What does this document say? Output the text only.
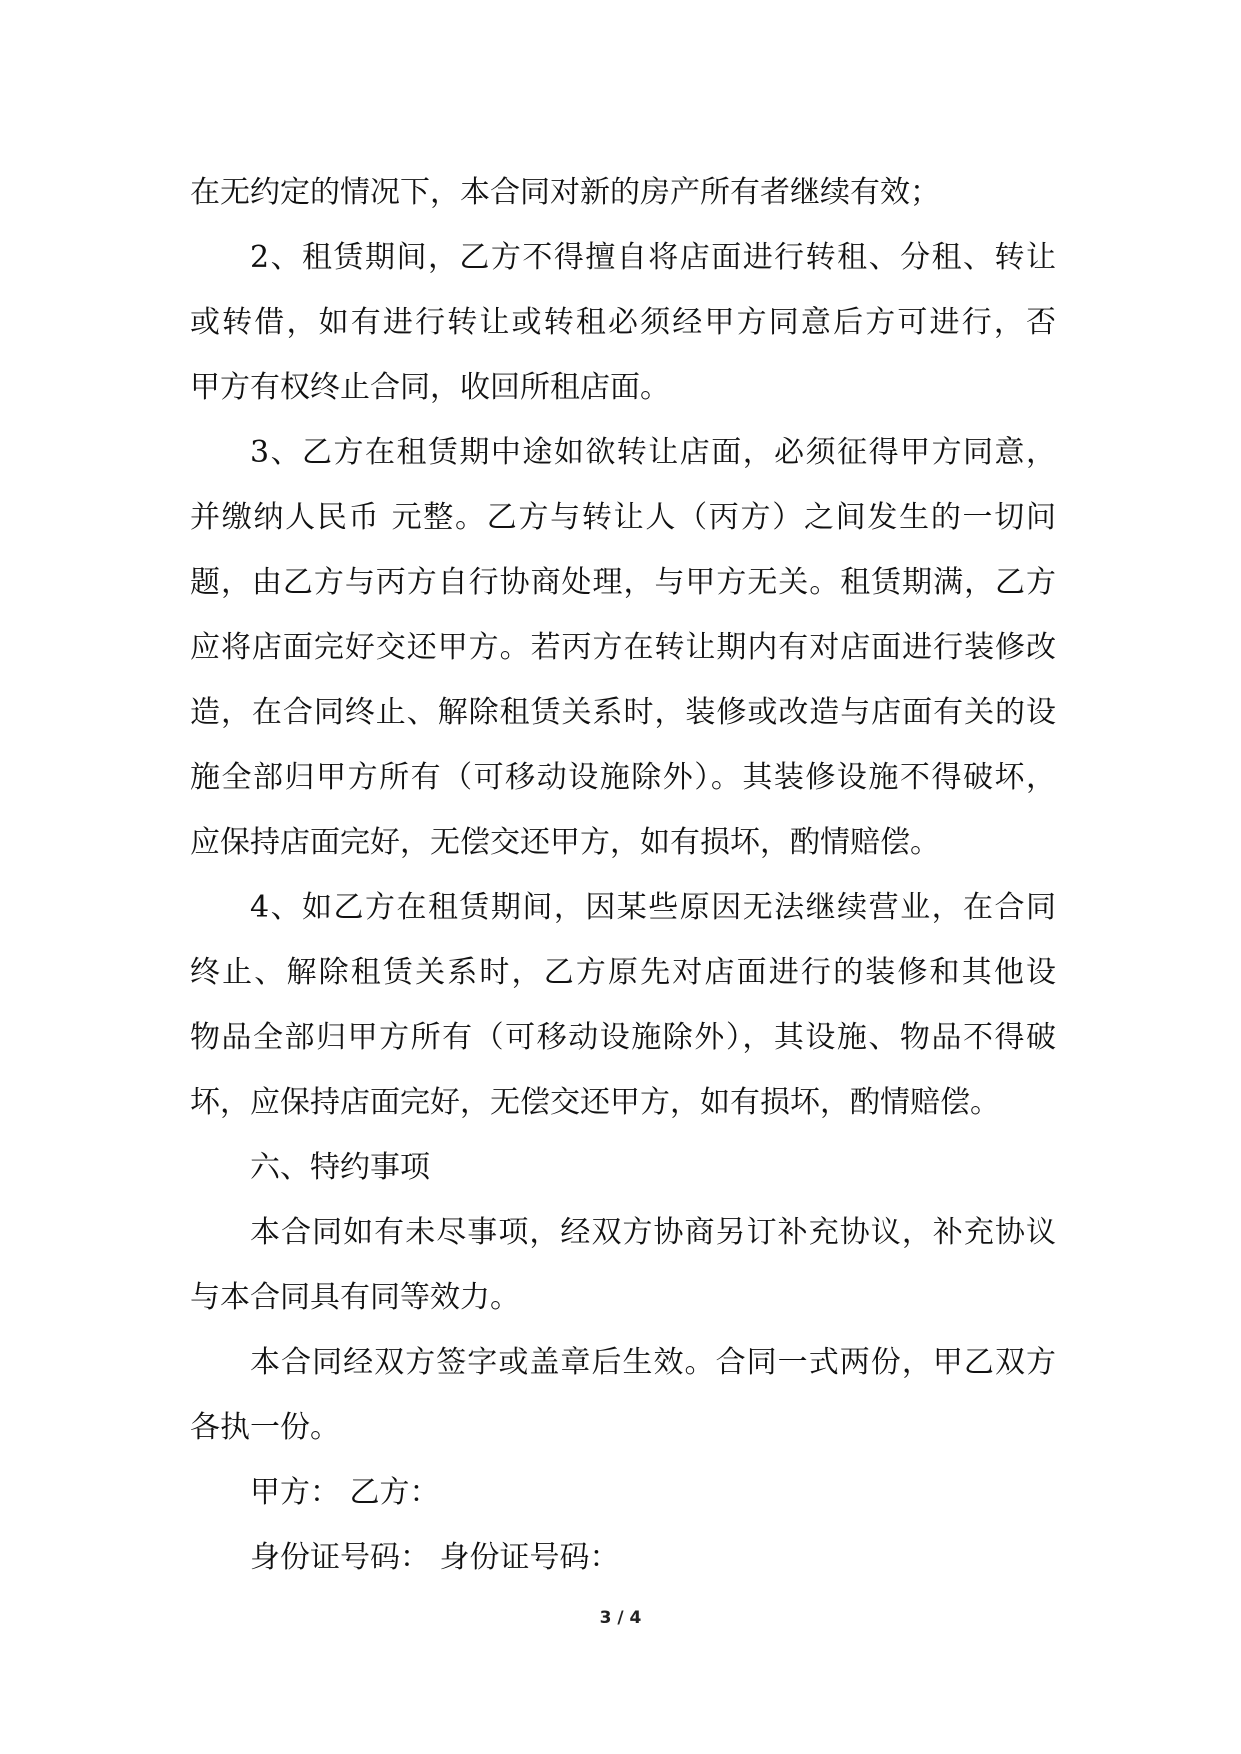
在无约定的情况下，本合同对新的房产所有者继续有效；
2、租赁期间，乙方不得擅自将店面进行转租、分租、转让
或转借，如有进行转让或转租必须经甲方同意后方可进行，否
甲方有权终止合同，收回所租店面。
3、乙方在租赁期中途如欲转让店面，必须征得甲方同意，
并缴纳人民币 元整。乙方与转让人（丙方）之间发生的一切问
题，由乙方与丙方自行协商处理，与甲方无关。租赁期满，乙方
应将店面完好交还甲方。若丙方在转让期内有对店面进行装修改
造，在合同终止、解除租赁关系时，装修或改造与店面有关的设
施全部归甲方所有（可移动设施除外）。其装修设施不得破坏，
应保持店面完好，无偿交还甲方，如有损坏，酌情赔偿。
4、如乙方在租赁期间，因某些原因无法继续营业，在合同
终止、解除租赁关系时，乙方原先对店面进行的装修和其他设
物品全部归甲方所有（可移动设施除外），其设施、物品不得破
坏，应保持店面完好，无偿交还甲方，如有损坏，酌情赔偿。
六、特约事项
本合同如有未尽事项，经双方协商另订补充协议，补充协议
与本合同具有同等效力。
本合同经双方签字或盖章后生效。合同一式两份，甲乙双方
各执一份。
甲方： 乙方：
身份证号码： 身份证号码：
3 / 4
